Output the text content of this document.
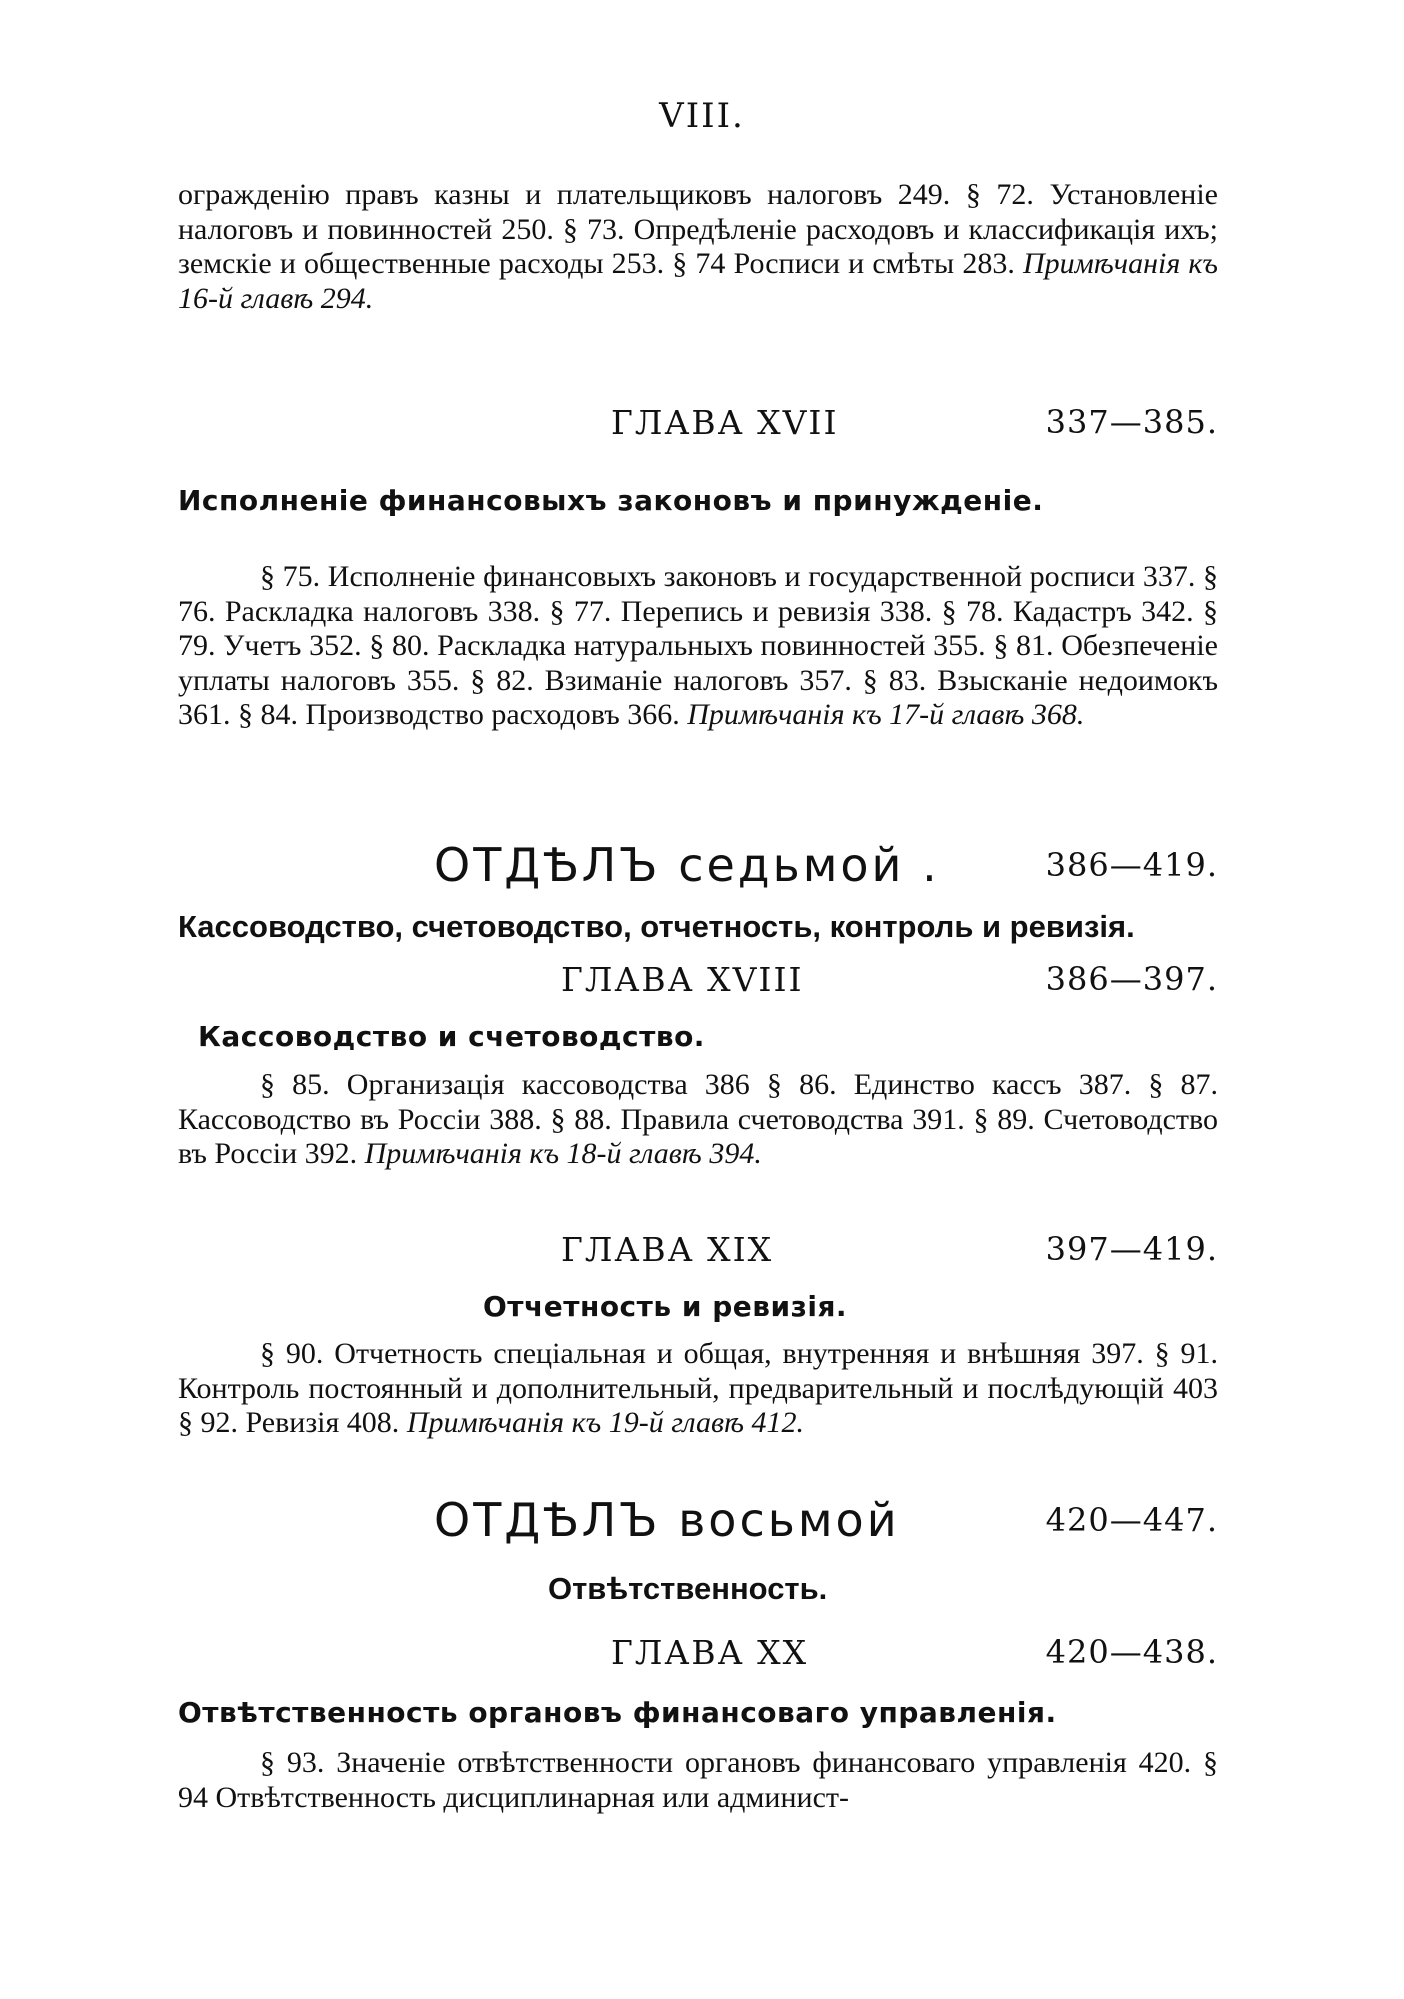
VIII.

огражденію правъ казны и плательщиковъ налоговъ 249. § 72. Установленіе налоговъ и повинностей 250. § 73. Опредѣленіе расходовъ и классификація ихъ; земскіе и общественные расходы 253. § 74 Росписи и смѣты 283. Примѣчанія къ 16-й главѣ 294.

ГЛАВА XVII	337—385.
Исполненіе финансовыхъ законовъ и принужденіе.

§ 75. Исполненіе финансовыхъ законовъ и государственной росписи 337. § 76. Раскладка налоговъ 338. § 77. Перепись и ревизія 338. § 78. Кадастръ 342. § 79. Учетъ 352. § 80. Раскладка натуральныхъ повинностей 355. § 81. Обезпеченіе уплаты налоговъ 355. § 82. Взиманіе налоговъ 357. § 83. Взысканіе недоимокъ 361. § 84. Производство расходовъ 366. Примѣчанія къ 17-й главѣ 368.

ОТДѢЛЪ седьмой .	386—419.
Кассоводство, счетоводство, отчетность, контроль и ревизія.
ГЛАВА XVIII	386—397.
Кассоводство и счетоводство.

§ 85. Организація кассоводства 386 § 86. Единство кассъ 387. § 87. Кассоводство въ Россіи 388. § 88. Правила счетоводства 391. § 89. Счетоводство въ Россіи 392. Примѣчанія къ 18-й главѣ 394.

ГЛАВА XIX	397—419.
Отчетность и ревизія.

§ 90. Отчетность спеціальная и общая, внутренняя и внѣшняя 397. § 91. Контроль постоянный и дополнительный, предварительный и послѣдующій 403 § 92. Ревизія 408. Примѣчанія къ 19-й главѣ 412.

ОТДѢЛЪ восьмой	420—447.
Отвѣтственность.
ГЛАВА XX	420—438.
Отвѣтственность органовъ финансоваго управленія.

§ 93. Значеніе отвѣтственности органовъ финансоваго управленія 420. § 94 Отвѣтственность дисциплинарная или админист-
